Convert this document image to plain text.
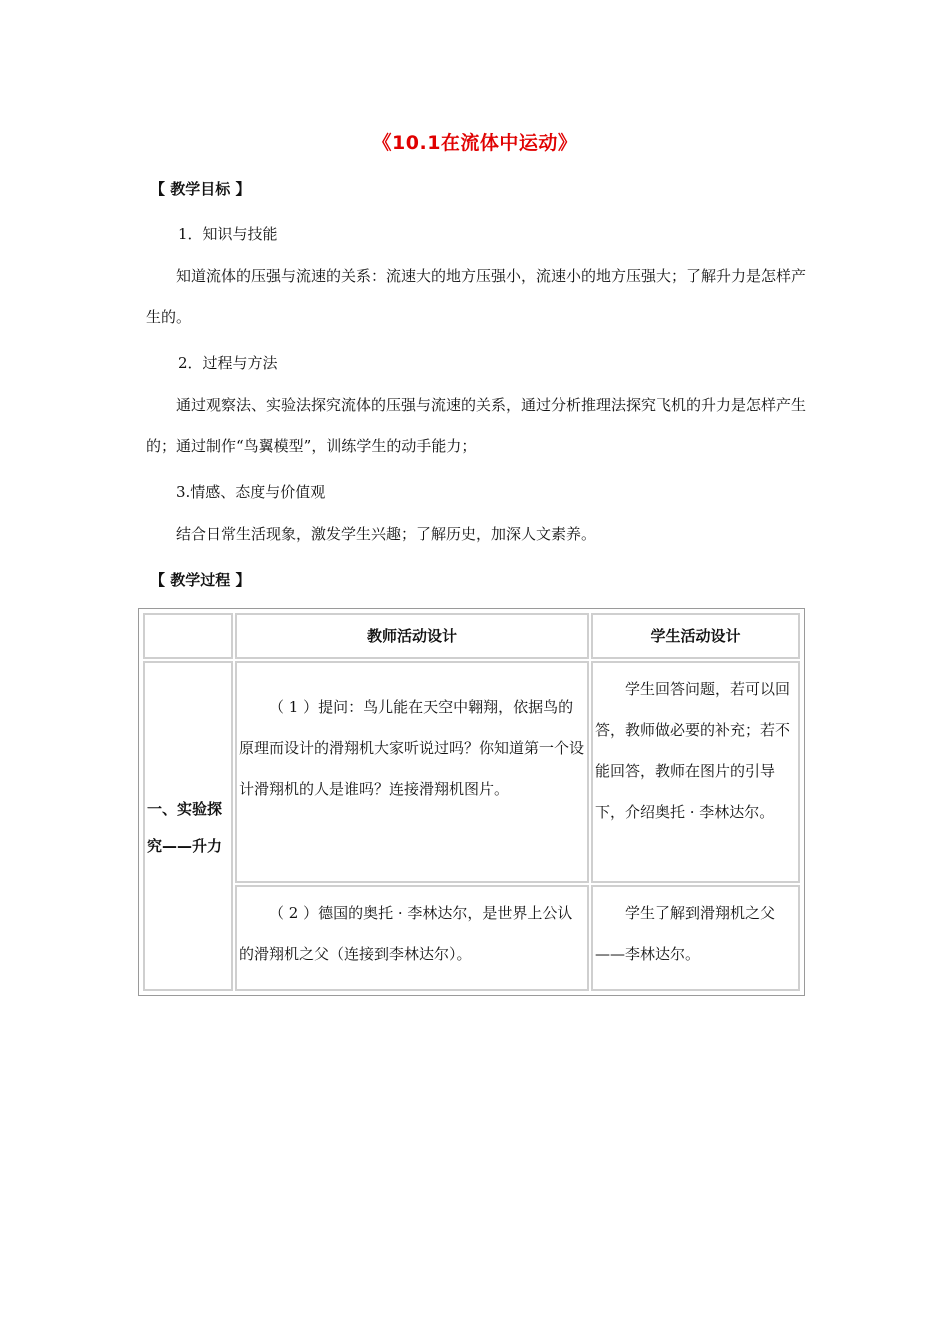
《10.1在流体中运动》
【 教学目标 】
1．知识与技能
知道流体的压强与流速的关系：流速大的地方压强小，流速小的地方压强大；了解升力是怎样产生的。
2．过程与方法
通过观察法、实验法探究流体的压强与流速的关系，通过分析推理法探究飞机的升力是怎样产生的；通过制作“鸟翼模型”，训练学生的动手能力；
3.情感、态度与价值观
结合日常生活现象，激发学生兴趣；了解历史，加深人文素养。
【 教学过程 】
教师活动设计	学生活动设计
一、实验探究——升力
（ 1 ）提问：鸟儿能在天空中翱翔，依据鸟的原理而设计的滑翔机大家听说过吗？你知道第一个设计滑翔机的人是谁吗？连接滑翔机图片。
学生回答问题，若可以回答，教师做必要的补充；若不能回答，教师在图片的引导下，介绍奥托 · 李林达尔。
（ 2 ）德国的奥托 · 李林达尔，是世界上公认的滑翔机之父（连接到李林达尔）。
学生了解到滑翔机之父——李林达尔。
